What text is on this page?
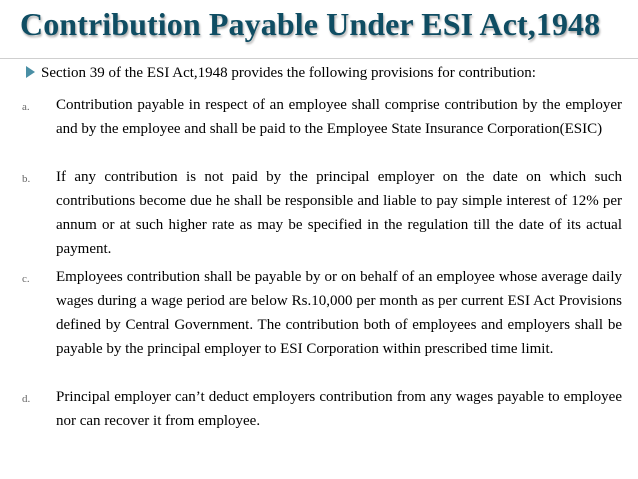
Contribution Payable Under ESI Act,1948
Section 39 of the ESI Act,1948 provides the following provisions for contribution:
a. Contribution payable in respect of an employee shall comprise contribution by the employer and by the employee and shall be paid to the Employee State Insurance Corporation(ESIC)
b. If any contribution is not paid by the principal employer on the date on which such contributions become due he shall be responsible and liable to pay simple interest of 12% per annum or at such higher rate as may be specified in the regulation till the date of its actual payment.
c. Employees contribution shall be payable by or on behalf of an employee whose average daily wages during a wage period are below Rs.10,000 per month as per current ESI Act Provisions defined by Central Government. The contribution both of employees and employers shall be payable by the principal employer to ESI Corporation within prescribed time limit.
d. Principal employer can’t deduct employers contribution from any wages payable to employee nor can recover it from employee.
